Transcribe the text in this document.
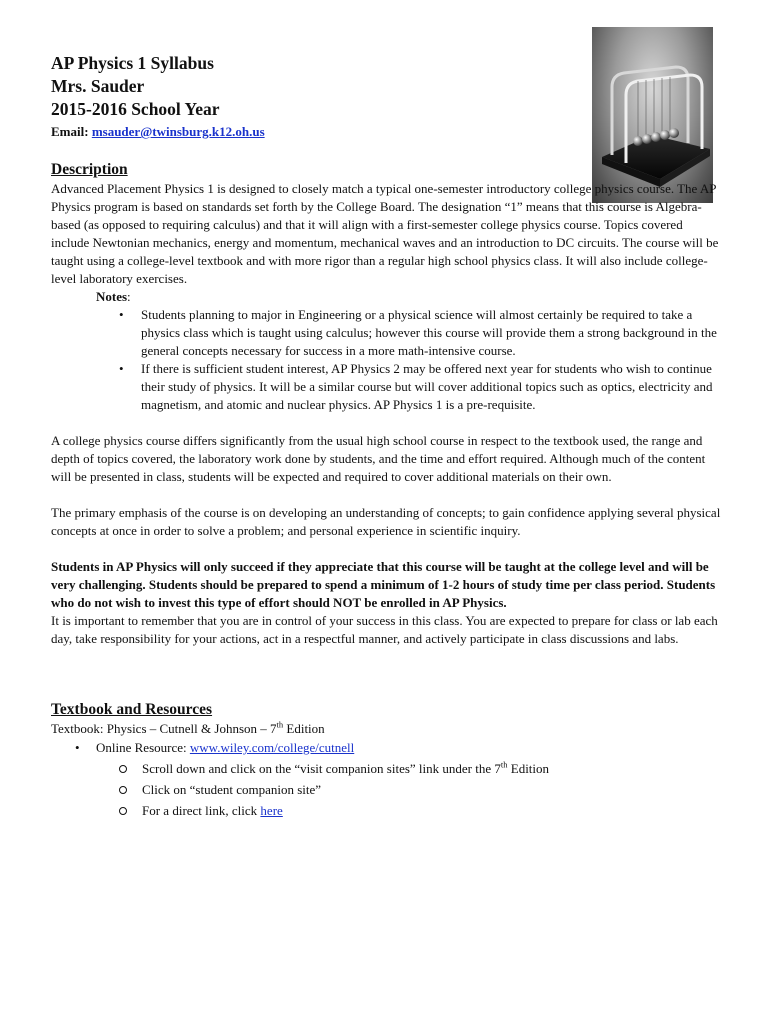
AP Physics 1 Syllabus

Mrs. Sauder

2015-2016 School Year

Email: msauder@twinsburg.k12.oh.us
Description

Advanced Placement Physics 1 is designed to closely match a typical one-semester introductory college physics course. The AP Physics program is based on standards set forth by the College Board. The designation “1” means that this course is Algebra-based (as opposed to requiring calculus) and that it will align with a first-semester college physics course. Topics covered include Newtonian mechanics, energy and momentum, mechanical waves and an introduction to DC circuits. The course will be taught using a college-level textbook and with more rigor than a regular high school physics class. It will also include college-level laboratory exercises.

Notes:
• Students planning to major in Engineering or a physical science will almost certainly be required to take a physics class which is taught using calculus; however this course will provide them a strong background in the general concepts necessary for success in a more math-intensive course.
• If there is sufficient student interest, AP Physics 2 may be offered next year for students who wish to continue their study of physics. It will be a similar course but will cover additional topics such as optics, electricity and magnetism, and atomic and nuclear physics. AP Physics 1 is a pre-requisite.

A college physics course differs significantly from the usual high school course in respect to the textbook used, the range and depth of topics covered, the laboratory work done by students, and the time and effort required. Although much of the content will be presented in class, students will be expected and required to cover additional materials on their own.

The primary emphasis of the course is on developing an understanding of concepts; to gain confidence applying several physical concepts at once in order to solve a problem; and personal experience in scientific inquiry.

Students in AP Physics will only succeed if they appreciate that this course will be taught at the college level and will be very challenging. Students should be prepared to spend a minimum of 1-2 hours of study time per class period. Students who do not wish to invest this type of effort should NOT be enrolled in AP Physics.

It is important to remember that you are in control of your success in this class. You are expected to prepare for class or lab each day, take responsibility for your actions, act in a respectful manner, and actively participate in class discussions and labs.

Textbook and Resources

Textbook: Physics – Cutnell & Johnson – 7th Edition

• Online Resource: www.wiley.com/college/cutnell
Scroll down and click on the “visit companion sites” link under the 7th Edition
Click on “student companion site”
For a direct link, click here
